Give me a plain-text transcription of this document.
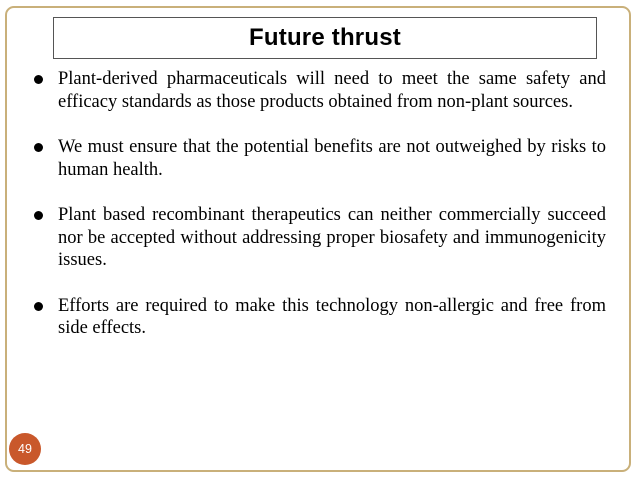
Future thrust
Plant-derived pharmaceuticals will need to meet the same safety and efficacy standards as those products obtained from non-plant sources.
We must ensure that the potential benefits are not outweighed by risks to human health.
Plant based recombinant therapeutics can neither commercially succeed nor be accepted without addressing proper biosafety and immunogenicity issues.
Efforts are required to make this technology non-allergic and free from side effects.
49
